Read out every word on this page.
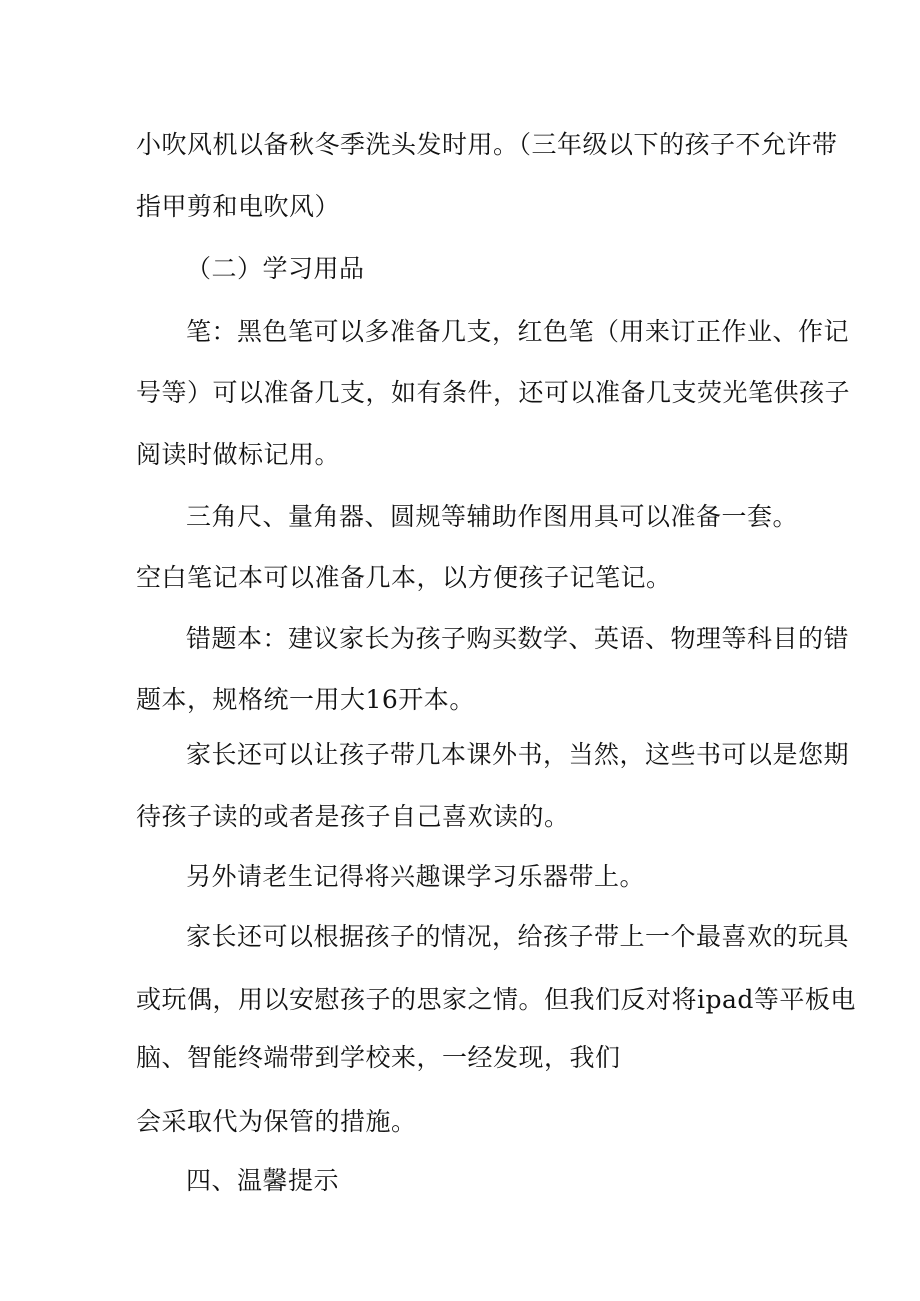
小吹风机以备秋冬季洗头发时用。（三年级以下的孩子不允许带
指甲剪和电吹风）
（二）学习用品
笔：黑色笔可以多准备几支，红色笔（用来订正作业、作记
号等）可以准备几支，如有条件，还可以准备几支荧光笔供孩子
阅读时做标记用。
三角尺、量角器、圆规等辅助作图用具可以准备一套。
空白笔记本可以准备几本，以方便孩子记笔记。
错题本：建议家长为孩子购买数学、英语、物理等科目的错
题本，规格统一用大16开本。
家长还可以让孩子带几本课外书，当然，这些书可以是您期
待孩子读的或者是孩子自己喜欢读的。
另外请老生记得将兴趣课学习乐器带上。
家长还可以根据孩子的情况，给孩子带上一个最喜欢的玩具
或玩偶，用以安慰孩子的思家之情。但我们反对将ipad等平板电
脑、智能终端带到学校来，一经发现，我们
会采取代为保管的措施。
四、温馨提示
